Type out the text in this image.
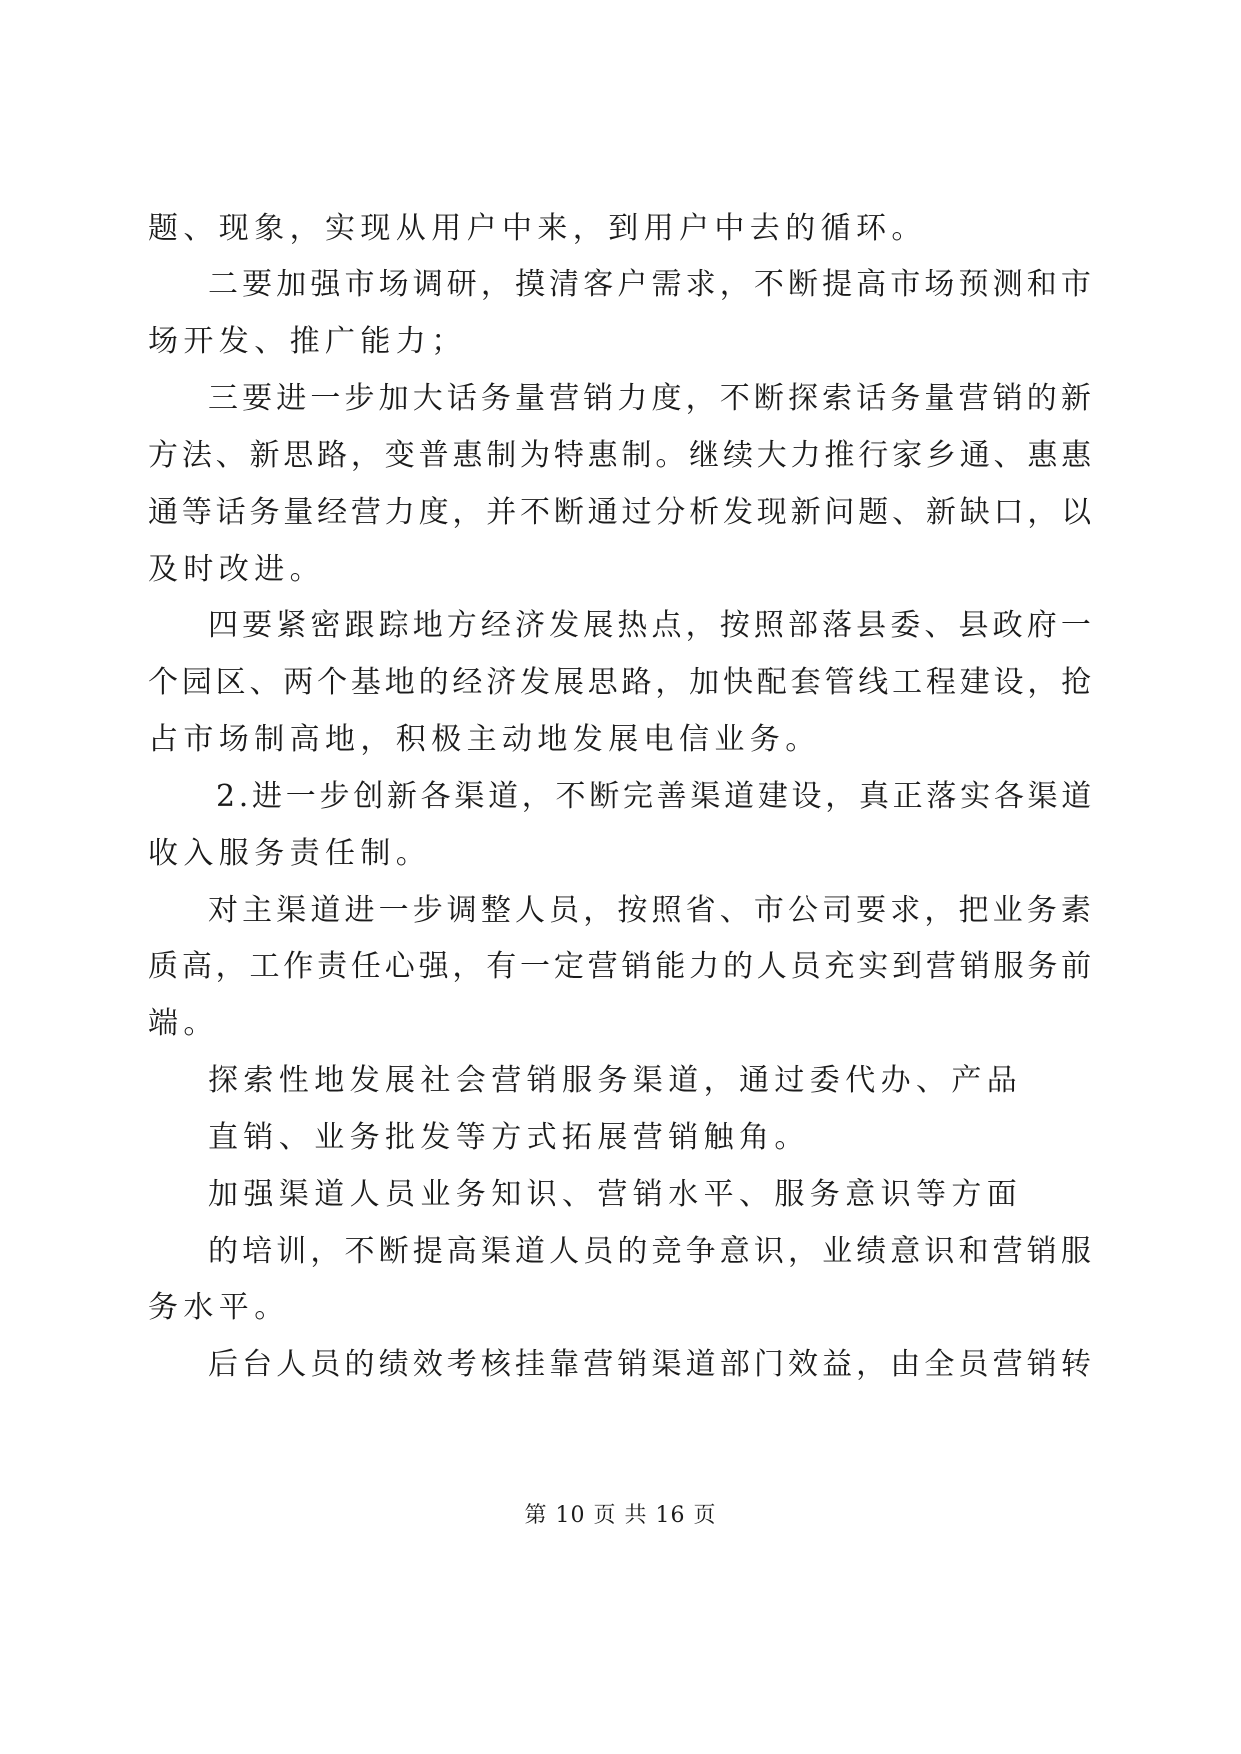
题、现象，实现从用户中来，到用户中去的循环。
二要加强市场调研，摸清客户需求，不断提高市场预测和市
场开发、推广能力；
三要进一步加大话务量营销力度，不断探索话务量营销的新
方法、新思路，变普惠制为特惠制。继续大力推行家乡通、惠惠
通等话务量经营力度，并不断通过分析发现新问题、新缺口，以
及时改进。
四要紧密跟踪地方经济发展热点，按照部落县委、县政府一
个园区、两个基地的经济发展思路，加快配套管线工程建设，抢
占市场制高地，积极主动地发展电信业务。
2.进一步创新各渠道，不断完善渠道建设，真正落实各渠道
收入服务责任制。
对主渠道进一步调整人员，按照省、市公司要求，把业务素
质高，工作责任心强，有一定营销能力的人员充实到营销服务前
端。
探索性地发展社会营销服务渠道，通过委代办、产品
直销、业务批发等方式拓展营销触角。
加强渠道人员业务知识、营销水平、服务意识等方面
的培训，不断提高渠道人员的竞争意识，业绩意识和营销服
务水平。
后台人员的绩效考核挂靠营销渠道部门效益，由全员营销转
第 10 页 共 16 页
